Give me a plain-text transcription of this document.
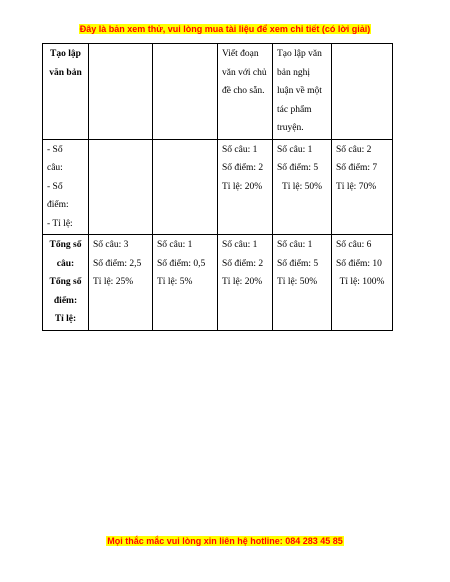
Đây là bản xem thử, vui lòng mua tài liệu để xem chi tiết (có lời giải)
Tạo lập
văn bản			Viết đoạn văn với chủ đề cho sẵn.	Tạo lập văn bản nghị luận về một tác phẩm truyện.	

- Số
câu:
- Số
điểm:
- Tỉ lệ:			Số câu: 1
Số điểm: 2
Tỉ lệ: 20%	Số câu: 1
Số điểm: 5
Tỉ lệ: 50%	Số câu: 2
Số điểm: 7
Tỉ lệ: 70%

Tổng số
câu:
Tổng số
điểm:
Tỉ lệ:	Số câu: 3
Số điểm: 2,5
Tỉ lệ: 25%	Số câu: 1
Số điểm: 0,5
Tỉ lệ: 5%	Số câu: 1
Số điểm: 2
Tỉ lệ: 20%	Số câu: 1
Số điểm: 5
Tỉ lệ: 50%	Số câu: 6
Số điểm: 10
Tỉ lệ: 100%
Mọi thắc mắc vui lòng xin liên hệ hotline: 084 283 45 85
